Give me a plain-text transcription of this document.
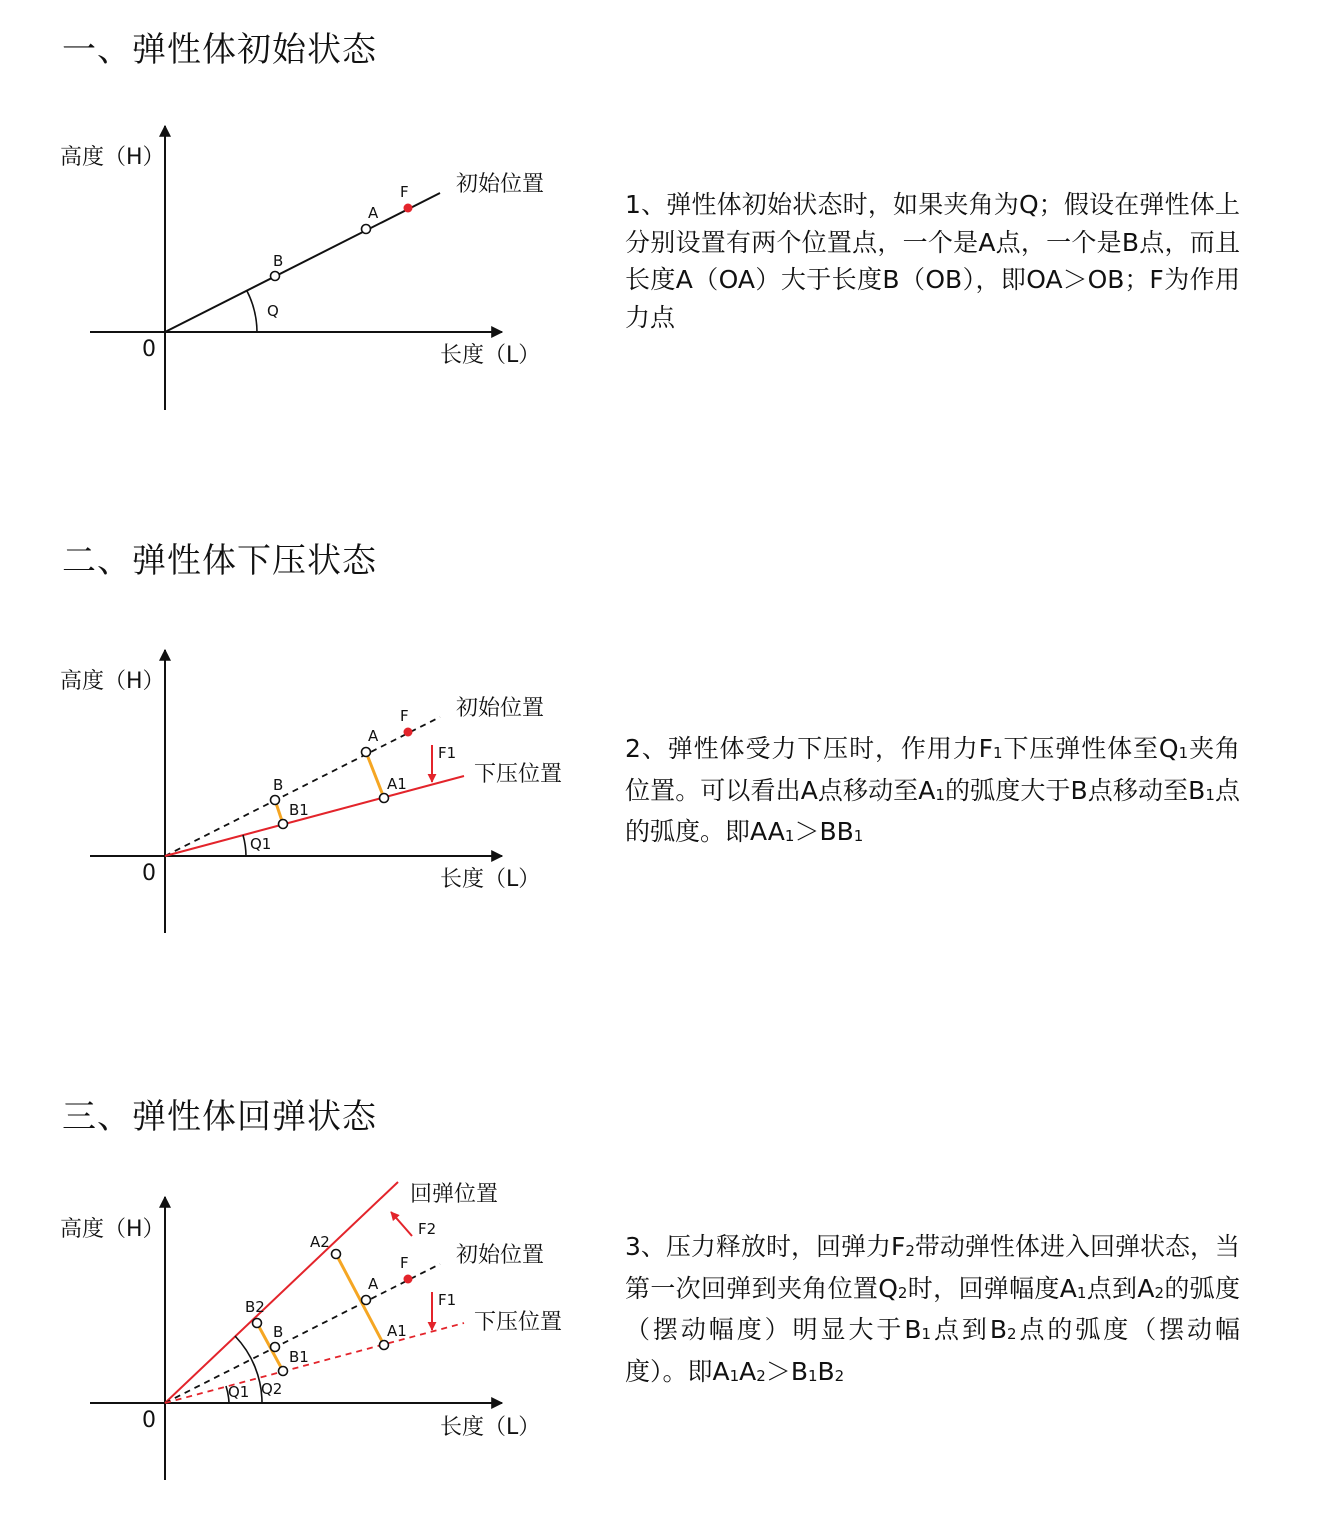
一、弹性体初始状态
高度（H）
长度（L）
0
Q
B
A
F 初始位置

1、弹性体初始状态时，如果夹角为Q；假设在弹性体上分别设置有两个位置点，一个是A点，一个是B点，而且长度A（OA）大于长度B（OB），即OA＞OB；F为作用力点

二、弹性体下压状态
高度（H）
长度（L）
0
Q1
B
B1
A
A1
F
F1
初始位置
下压位置

2、弹性体受力下压时，作用力$F_1$下压弹性体至$Q_1$夹角位置。可以看出A点移动至$A_1$的弧度大于B点移动至$B_1$点的弧度。即$AA_1>BB_1$

三、弹性体回弹状态
高度（H）
长度（L）
0
Q1 Q2
B2
B
B1
A2
A
A1
F
F2
F1
回弹位置
初始位置
下压位置

3、压力释放时，回弹力$F_2$带动弹性体进入回弹状态，当第一次回弹到夹角位置$Q_2$时，回弹幅度$A_1$点到$A_2$的弧度（摆动幅度）明显大于$B_1$点到$B_2$点的弧度（摆动幅度）。即$A_1A_2>B_1B_2$
